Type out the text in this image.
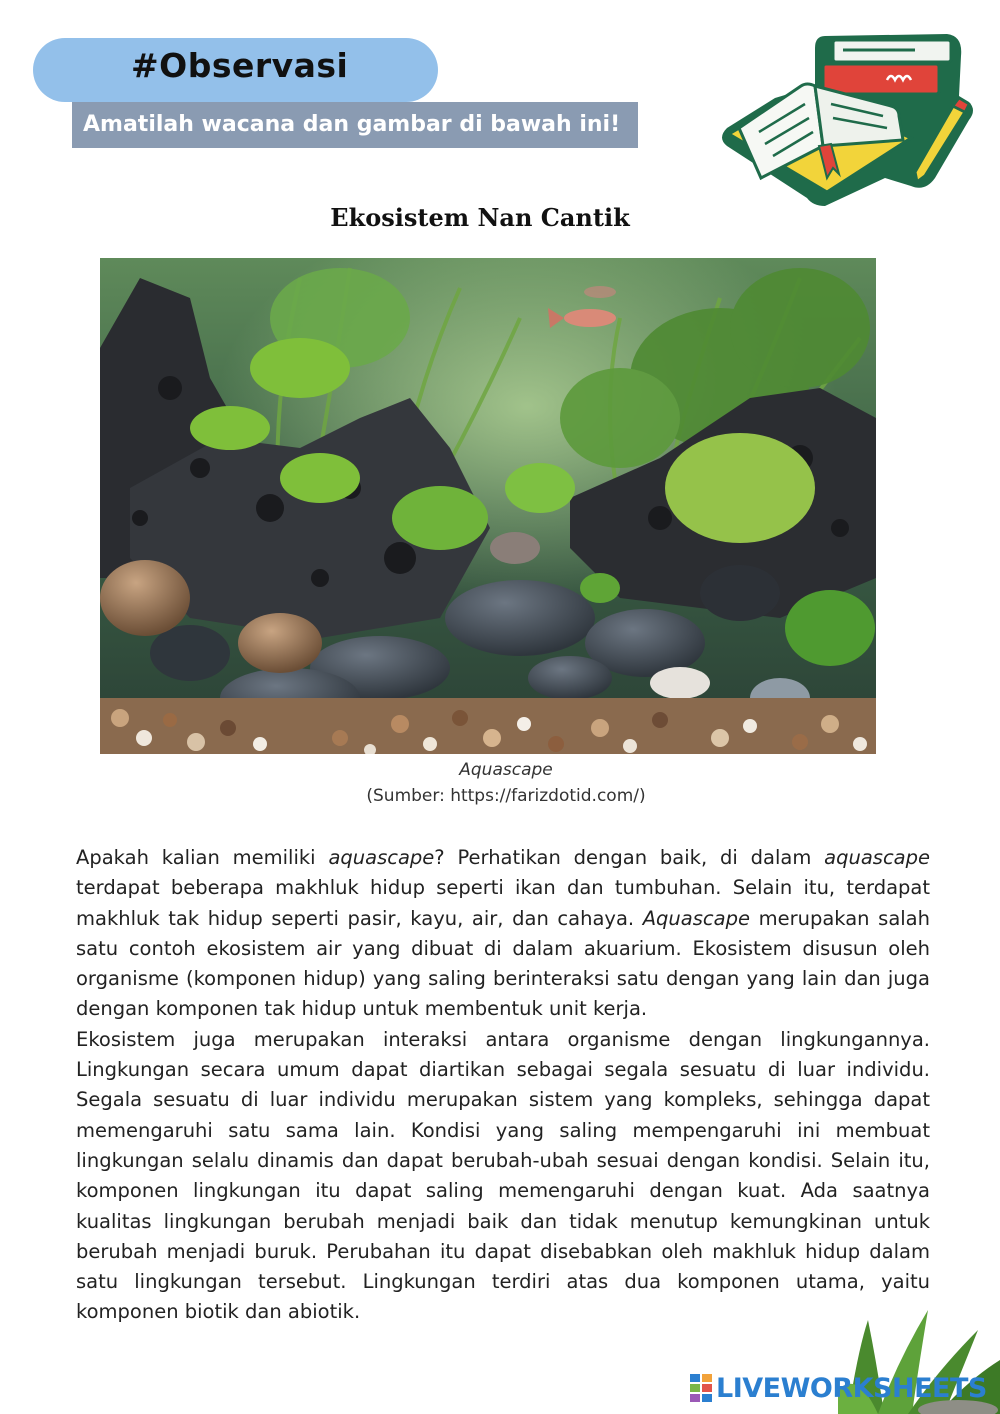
#Observasi
Amatilah wacana dan gambar di bawah ini!
Ekosistem Nan Cantik
Aquascape
(Sumber: https://farizdotid.com/)

Apakah kalian memiliki aquascape? Perhatikan dengan baik, di dalam aquascape terdapat beberapa makhluk hidup seperti ikan dan tumbuhan. Selain itu, terdapat makhluk tak hidup seperti pasir, kayu, air, dan cahaya. Aquascape merupakan salah satu contoh ekosistem air yang dibuat di dalam akuarium. Ekosistem disusun oleh organisme (komponen hidup) yang saling berinteraksi satu dengan yang lain dan juga dengan komponen tak hidup untuk membentuk unit kerja.

Ekosistem juga merupakan interaksi antara organisme dengan lingkungannya. Lingkungan secara umum dapat diartikan sebagai segala sesuatu di luar individu. Segala sesuatu di luar individu merupakan sistem yang kompleks, sehingga dapat memengaruhi satu sama lain. Kondisi yang saling mempengaruhi ini membuat lingkungan selalu dinamis dan dapat berubah-ubah sesuai dengan kondisi. Selain itu, komponen lingkungan itu dapat saling memengaruhi dengan kuat. Ada saatnya kualitas lingkungan berubah menjadi baik dan tidak menutup kemungkinan untuk berubah menjadi buruk. Perubahan itu dapat disebabkan oleh makhluk hidup dalam satu lingkungan tersebut. Lingkungan terdiri atas dua komponen utama, yaitu komponen biotik dan abiotik.

LIVEWORKSHEETS
